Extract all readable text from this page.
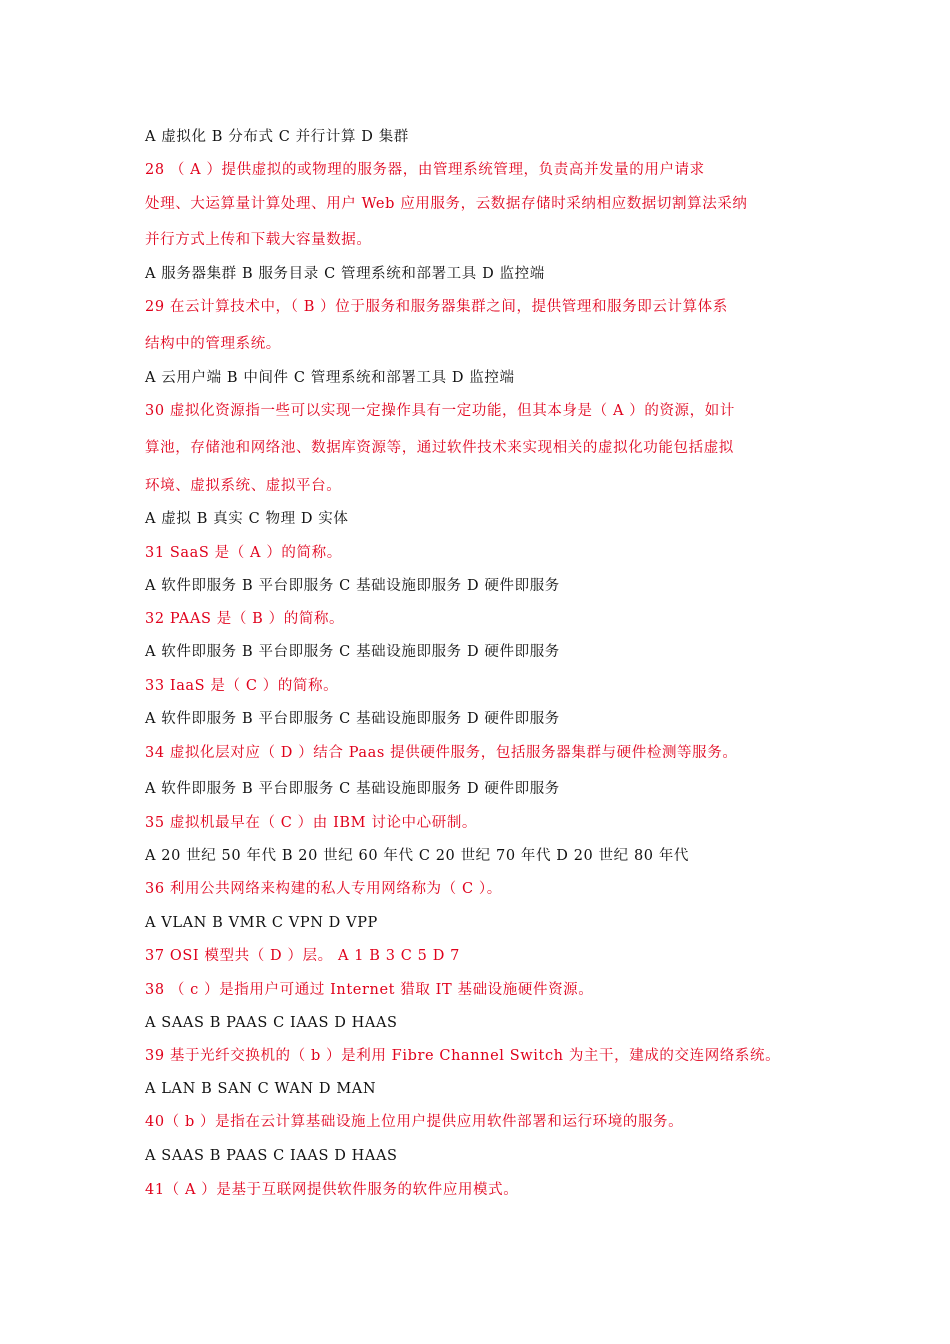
A 虚拟化 B 分布式 C 并行计算 D 集群
28 （ A ）提供虚拟的或物理的服务器，由管理系统管理，负责高并发量的用户请求
处理、大运算量计算处理、用户 Web 应用服务，云数据存储时采纳相应数据切割算法采纳
并行方式上传和下载大容量数据。
A 服务器集群 B 服务目录 C 管理系统和部署工具 D 监控端
29 在云计算技术中，（ B ）位于服务和服务器集群之间，提供管理和服务即云计算体系
结构中的管理系统。
A 云用户端 B 中间件 C 管理系统和部署工具 D 监控端
30 虚拟化资源指一些可以实现一定操作具有一定功能，但其本身是（ A ）的资源，如计
算池，存储池和网络池、数据库资源等，通过软件技术来实现相关的虚拟化功能包括虚拟
环境、虚拟系统、虚拟平台。
A 虚拟 B 真实 C 物理 D 实体
31 SaaS 是（ A ）的简称。
A 软件即服务 B 平台即服务 C 基础设施即服务 D 硬件即服务
32 PAAS 是（ B ）的简称。
A 软件即服务 B 平台即服务 C 基础设施即服务 D 硬件即服务
33 IaaS 是（ C ）的简称。
A 软件即服务 B 平台即服务 C 基础设施即服务 D 硬件即服务
34 虚拟化层对应（ D ）结合 Paas 提供硬件服务，包括服务器集群与硬件检测等服务。
A 软件即服务 B 平台即服务 C 基础设施即服务 D 硬件即服务
35 虚拟机最早在（ C ）由 IBM 讨论中心研制。
A 20 世纪 50 年代 B 20 世纪 60 年代 C 20 世纪 70 年代 D 20 世纪 80 年代
36 利用公共网络来构建的私人专用网络称为（ C ）。
A VLAN B VMR C VPN D VPP
37 OSI 模型共（ D ）层。 A 1 B 3 C 5 D 7
38 （ c ）是指用户可通过 Internet 猎取 IT 基础设施硬件资源。
A SAAS B PAAS C IAAS D HAAS
39 基于光纤交换机的（ b ）是利用 Fibre Channel Switch 为主干，建成的交连网络系统。
A LAN B SAN C WAN D MAN
40（ b ）是指在云计算基础设施上位用户提供应用软件部署和运行环境的服务。
A SAAS B PAAS C IAAS D HAAS
41（ A ）是基于互联网提供软件服务的软件应用模式。
